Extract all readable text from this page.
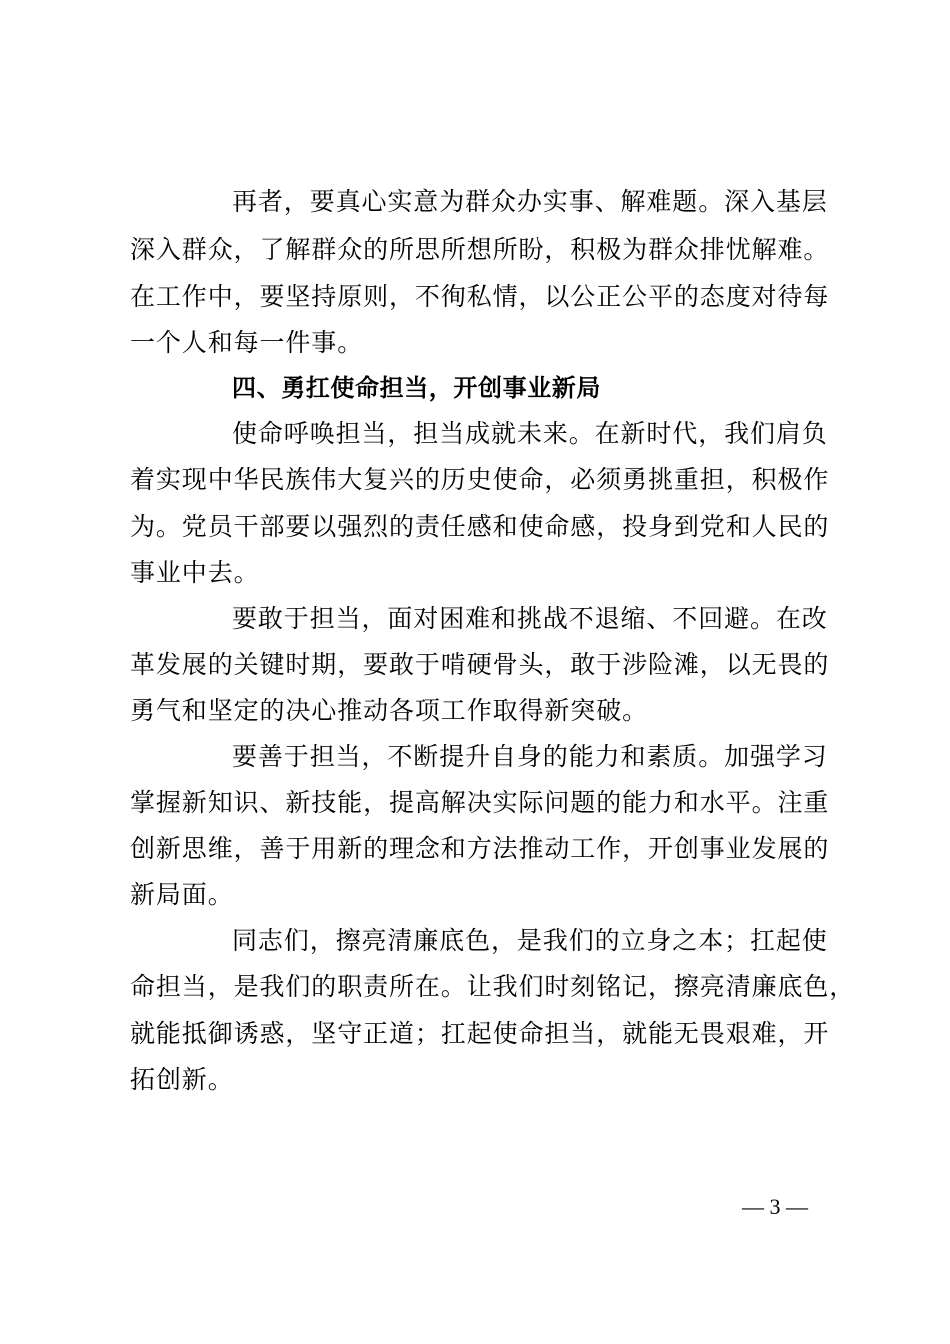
再者，要真心实意为群众办实事、解难题。深入基层
深入群众，了解群众的所思所想所盼，积极为群众排忧解难。
在工作中，要坚持原则，不徇私情，以公正公平的态度对待每
一个人和每一件事。
四、勇扛使命担当，开创事业新局
使命呼唤担当，担当成就未来。在新时代，我们肩负
着实现中华民族伟大复兴的历史使命，必须勇挑重担，积极作
为。党员干部要以强烈的责任感和使命感，投身到党和人民的
事业中去。
要敢于担当，面对困难和挑战不退缩、不回避。在改
革发展的关键时期，要敢于啃硬骨头，敢于涉险滩，以无畏的
勇气和坚定的决心推动各项工作取得新突破。
要善于担当，不断提升自身的能力和素质。加强学习
掌握新知识、新技能，提高解决实际问题的能力和水平。注重
创新思维，善于用新的理念和方法推动工作，开创事业发展的
新局面。
同志们，擦亮清廉底色，是我们的立身之本；扛起使
命担当，是我们的职责所在。让我们时刻铭记，擦亮清廉底色，
就能抵御诱惑，坚守正道；扛起使命担当，就能无畏艰难，开
拓创新。
— 3 —
